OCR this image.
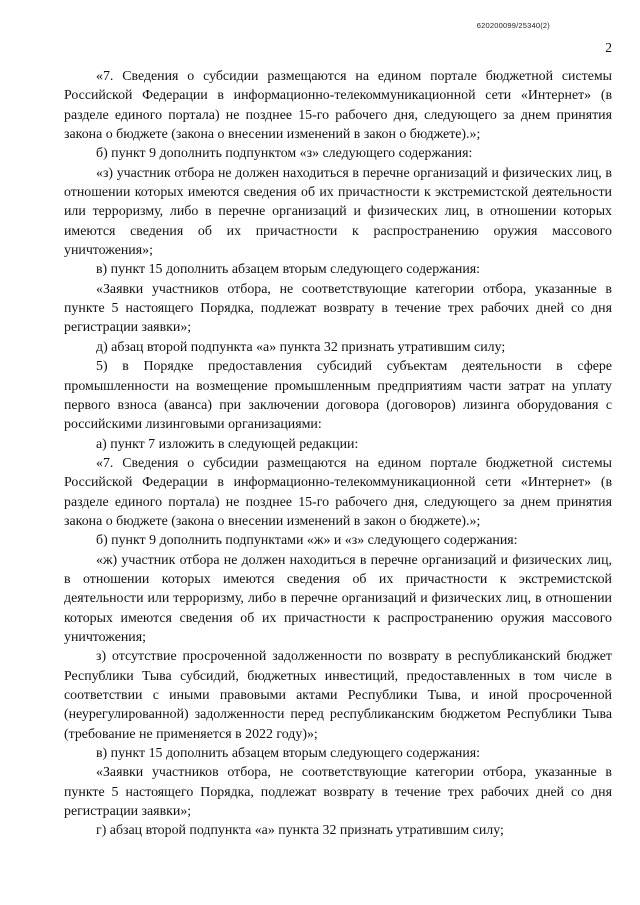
620200099/25340(2)
2

«7. Сведения о субсидии размещаются на едином портале бюджетной системы Российской Федерации в информационно-телекоммуникационной сети «Интернет» (в разделе единого портала) не позднее 15-го рабочего дня, следующего за днем принятия закона о бюджете (закона о внесении изменений в закон о бюджете).»;

б) пункт 9 дополнить подпунктом «з» следующего содержания:

«з) участник отбора не должен находиться в перечне организаций и физических лиц, в отношении которых имеются сведения об их причастности к экстремистской деятельности или терроризму, либо в перечне организаций и физических лиц, в отношении которых имеются сведения об их причастности к распространению оружия массового уничтожения»;

в) пункт 15 дополнить абзацем вторым следующего содержания:

«Заявки участников отбора, не соответствующие категории отбора, указанные в пункте 5 настоящего Порядка, подлежат возврату в течение трех рабочих дней со дня регистрации заявки»;

д) абзац второй подпункта «а» пункта 32 признать утратившим силу;

5) в Порядке предоставления субсидий субъектам деятельности в сфере промышленности на возмещение промышленным предприятиям части затрат на уплату первого взноса (аванса) при заключении договора (договоров) лизинга оборудования с российскими лизинговыми организациями:

а) пункт 7 изложить в следующей редакции:

«7. Сведения о субсидии размещаются на едином портале бюджетной системы Российской Федерации в информационно-телекоммуникационной сети «Интернет» (в разделе единого портала) не позднее 15-го рабочего дня, следующего за днем принятия закона о бюджете (закона о внесении изменений в закон о бюджете).»;

б) пункт 9 дополнить подпунктами «ж» и «з» следующего содержания:

«ж) участник отбора не должен находиться в перечне организаций и физических лиц, в отношении которых имеются сведения об их причастности к экстремистской деятельности или терроризму, либо в перечне организаций и физических лиц, в отношении которых имеются сведения об их причастности к распространению оружия массового уничтожения;

з) отсутствие просроченной задолженности по возврату в республиканский бюджет Республики Тыва субсидий, бюджетных инвестиций, предоставленных в том числе в соответствии с иными правовыми актами Республики Тыва, и иной просроченной (неурегулированной) задолженности перед республиканским бюджетом Республики Тыва (требование не применяется в 2022 году)»;

в) пункт 15 дополнить абзацем вторым следующего содержания:

«Заявки участников отбора, не соответствующие категории отбора, указанные в пункте 5 настоящего Порядка, подлежат возврату в течение трех рабочих дней со дня регистрации заявки»;

г) абзац второй подпункта «а» пункта 32 признать утратившим силу;
